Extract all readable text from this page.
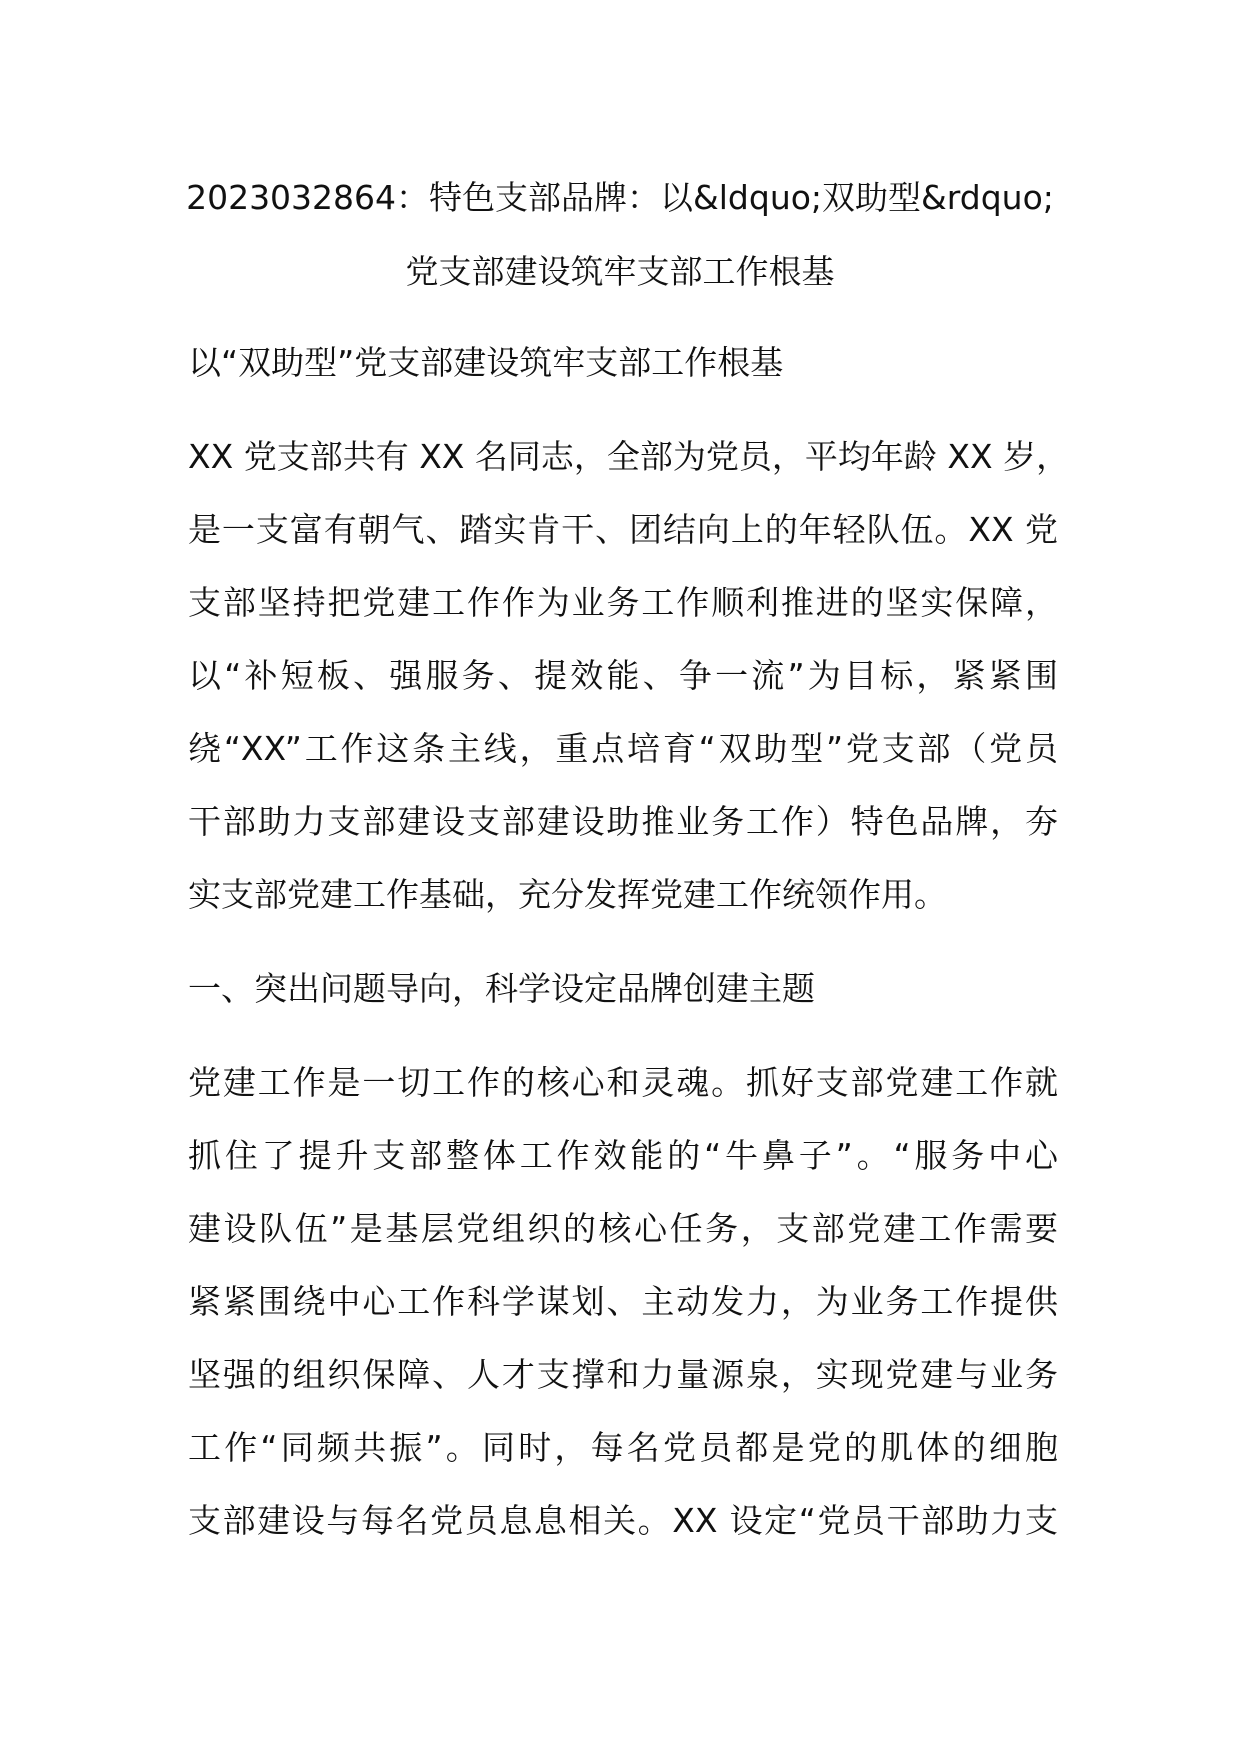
2023032864：特色支部品牌：以&ldquo;双助型&rdquo;
党支部建设筑牢支部工作根基
以“双助型”党支部建设筑牢支部工作根基
XX 党支部共有 XX 名同志，全部为党员，平均年龄 XX 岁，
是一支富有朝气、踏实肯干、团结向上的年轻队伍。XX 党
支部坚持把党建工作作为业务工作顺利推进的坚实保障，
以“补短板、强服务、提效能、争一流”为目标，紧紧围
绕“XX”工作这条主线，重点培育“双助型”党支部（党员
干部助力支部建设支部建设助推业务工作）特色品牌，夯
实支部党建工作基础，充分发挥党建工作统领作用。
一、突出问题导向，科学设定品牌创建主题
党建工作是一切工作的核心和灵魂。抓好支部党建工作就
抓住了提升支部整体工作效能的“牛鼻子”。“服务中心
建设队伍”是基层党组织的核心任务，支部党建工作需要
紧紧围绕中心工作科学谋划、主动发力，为业务工作提供
坚强的组织保障、人才支撑和力量源泉，实现党建与业务
工作“同频共振”。同时，每名党员都是党的肌体的细胞
支部建设与每名党员息息相关。XX 设定“党员干部助力支
